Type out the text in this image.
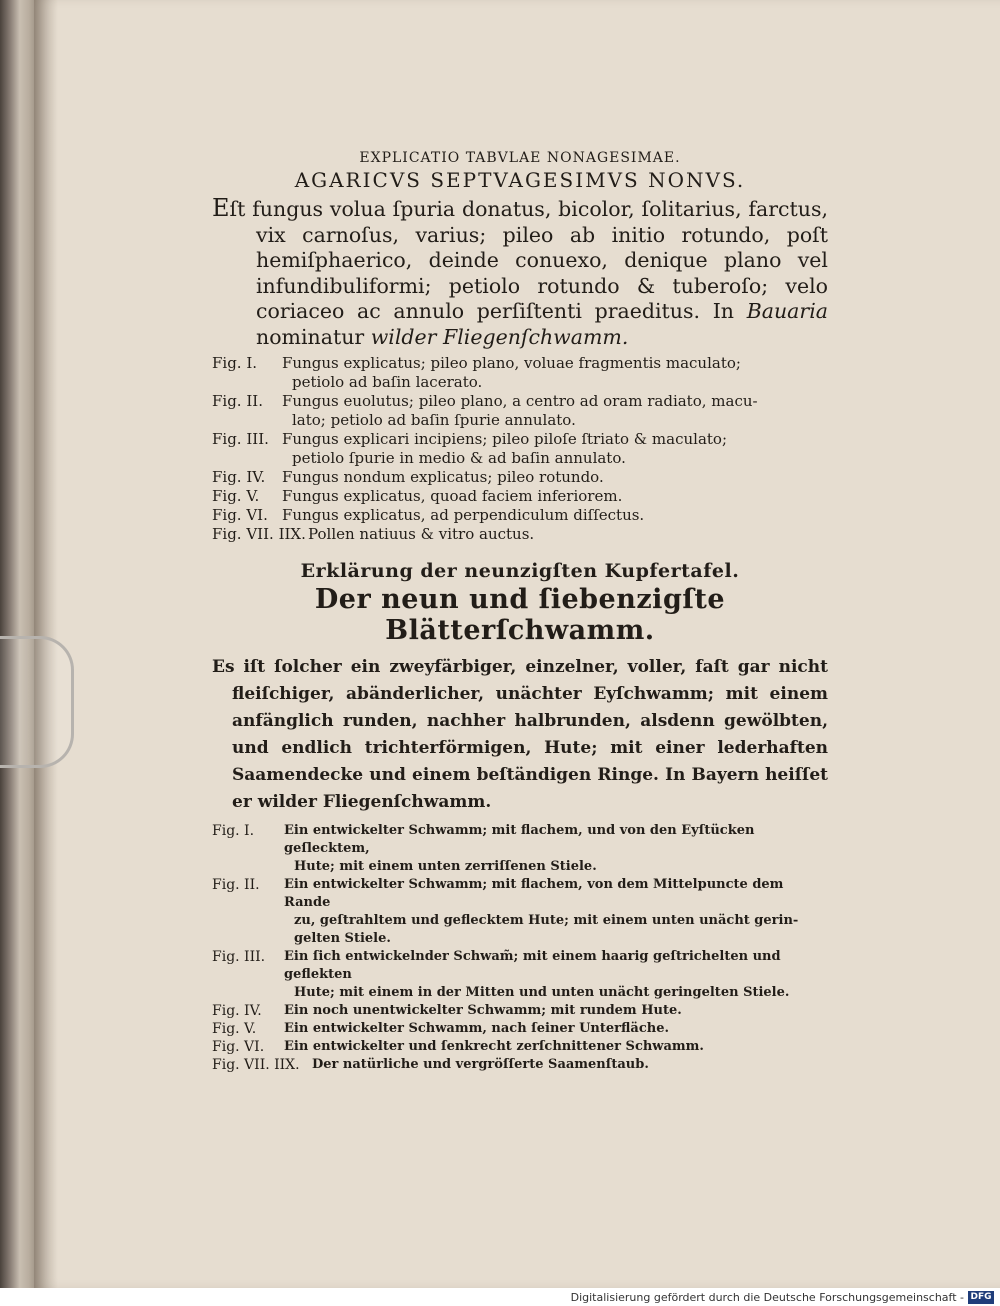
EXPLICATIO TABVLAE NONAGESIMAE.
AGARICVS SEPTVAGESIMVS NONVS.

Eſt fungus volua ſpuria donatus, bicolor, ſolitarius, farctus, vix carnoſus, varius; pileo ab initio rotundo, poſt hemiſphaerico, deinde conuexo, denique plano vel infundibuliformi; petiolo rotundo & tuberoſo; velo coriaceo ac annulo perſiſtenti praeditus. In Bauaria nominatur wilder Fliegenſchwamm.

Fig. I.	Fungus explicatus; pileo plano, voluae fragmentis maculato;
petiolo ad baſin lacerato.
Fig. II.	Fungus euolutus; pileo plano, a centro ad oram radiato, macu-
lato; petiolo ad baſin ſpurie annulato.
Fig. III. Fungus explicari incipiens; pileo piloſe ſtriato & maculato;
petiolo ſpurie in medio & ad baſin annulato.
Fig. IV.	Fungus nondum explicatus; pileo rotundo.
Fig. V.	Fungus explicatus, quoad faciem inferiorem.
Fig. VI. Fungus explicatus, ad perpendiculum diſſectus.
Fig. VII. IIX. Pollen natiuus & vitro auctus.
Erklärung der neunzigſten Kupfertafel.
Der neun und ſiebenzigſte Blätterſchwamm.

Es iſt ſolcher ein zweyfärbiger, einzelner, voller, faſt gar nicht fleiſchiger, abänderlicher, unächter Eyſchwamm; mit einem anfänglich runden, nachher halbrunden, alsdenn gewölbten, und endlich trichterförmigen, Hute; mit einer lederhaften Saamendecke und einem beſtändigen Ringe. In Bayern heiſſet er wilder Fliegenſchwamm.

Fig. I.	Ein entwickelter Schwamm; mit flachem, und von den Eyſtücken geſlecktem,
Hute; mit einem unten zerriſſenen Stiele.
Fig. II.	Ein entwickelter Schwamm; mit flachem, von dem Mittelpuncte dem Rande
zu, geſtrahltem und geflecktem Hute; mit einem unten unächt geringelten Stiele.
Fig. III.	Ein ſich entwickelnder Schwam̃; mit einem haarig geſtrichelten und geflekten
Hute; mit einem in der Mitten und unten unächt geringelten Stiele.
Fig. IV.	Ein noch unentwickelter Schwamm; mit rundem Hute.
Fig. V.	Ein entwickelter Schwamm, nach ſeiner Unterfläche.
Fig. VI.	Ein entwickelter und ſenkrecht zerſchnittener Schwamm.
Fig. VII. IIX. Der natürliche und vergröſſerte Saamenſtaub.
Digitalisierung gefördert durch die Deutsche Forschungsgemeinschaft - DFG
